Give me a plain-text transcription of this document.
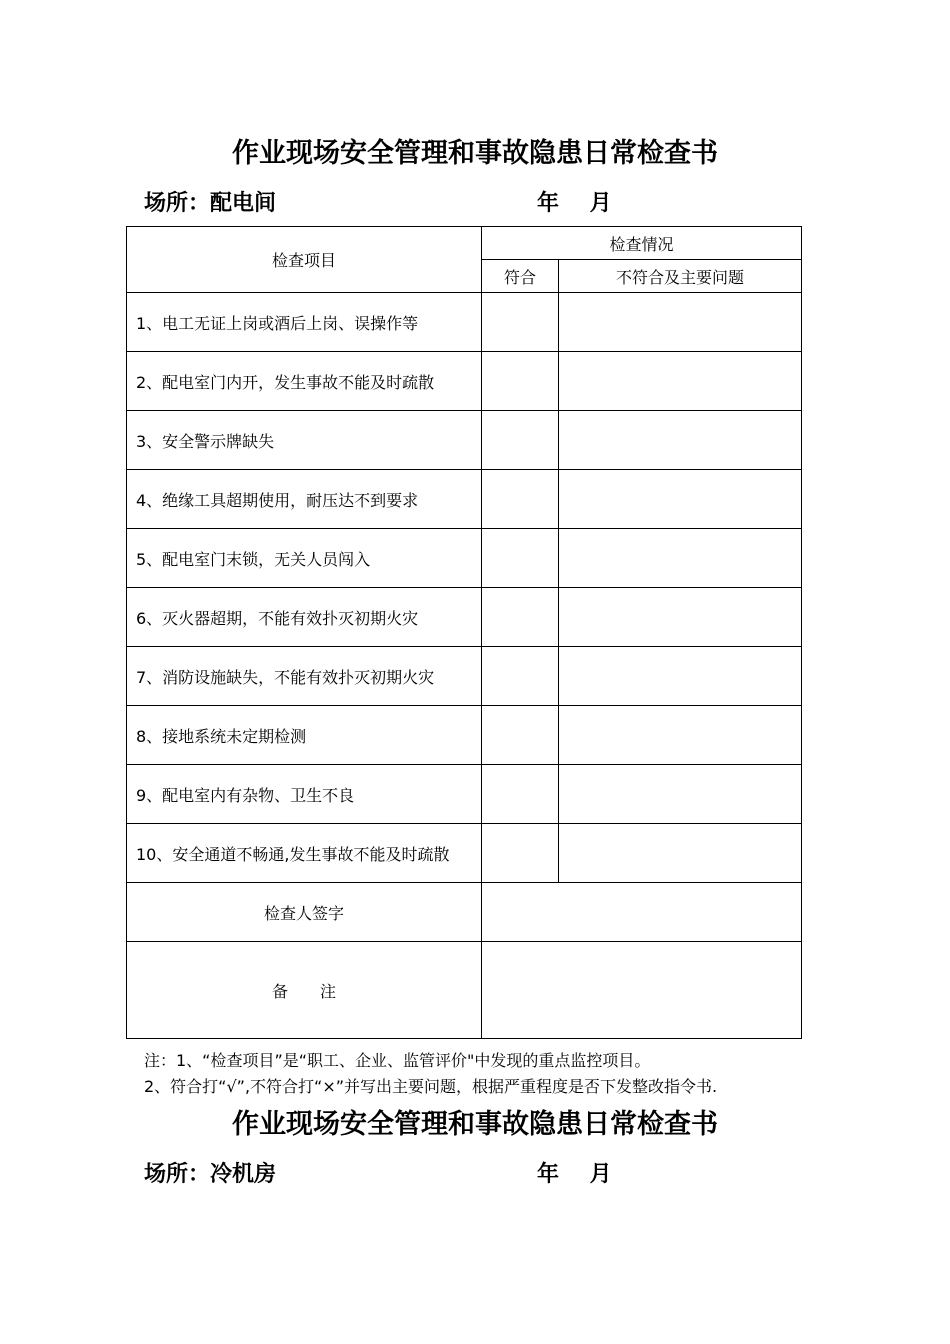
作业现场安全管理和事故隐患日常检查书
场所：配电间	年    月
检查项目	检查情况	
	符合	不符合及主要问题
1、电工无证上岗或酒后上岗、误操作等		
2、配电室门内开，发生事故不能及时疏散		
3、安全警示牌缺失		
4、绝缘工具超期使用，耐压达不到要求		
5、配电室门末锁，无关人员闯入		
6、灭火器超期，不能有效扑灭初期火灾		
7、消防设施缺失，不能有效扑灭初期火灾		
8、接地系统未定期检测		
9、配电室内有杂物、卫生不良		
10、安全通道不畅通,发生事故不能及时疏散		
检查人签字		
备　　注		
注：1、“检查项目”是“职工、企业、监管评价"中发现的重点监控项目。
2、符合打“√”,不符合打“×”并写出主要问题，根据严重程度是否下发整改指令书.
作业现场安全管理和事故隐患日常检查书
场所：冷机房	年    月
